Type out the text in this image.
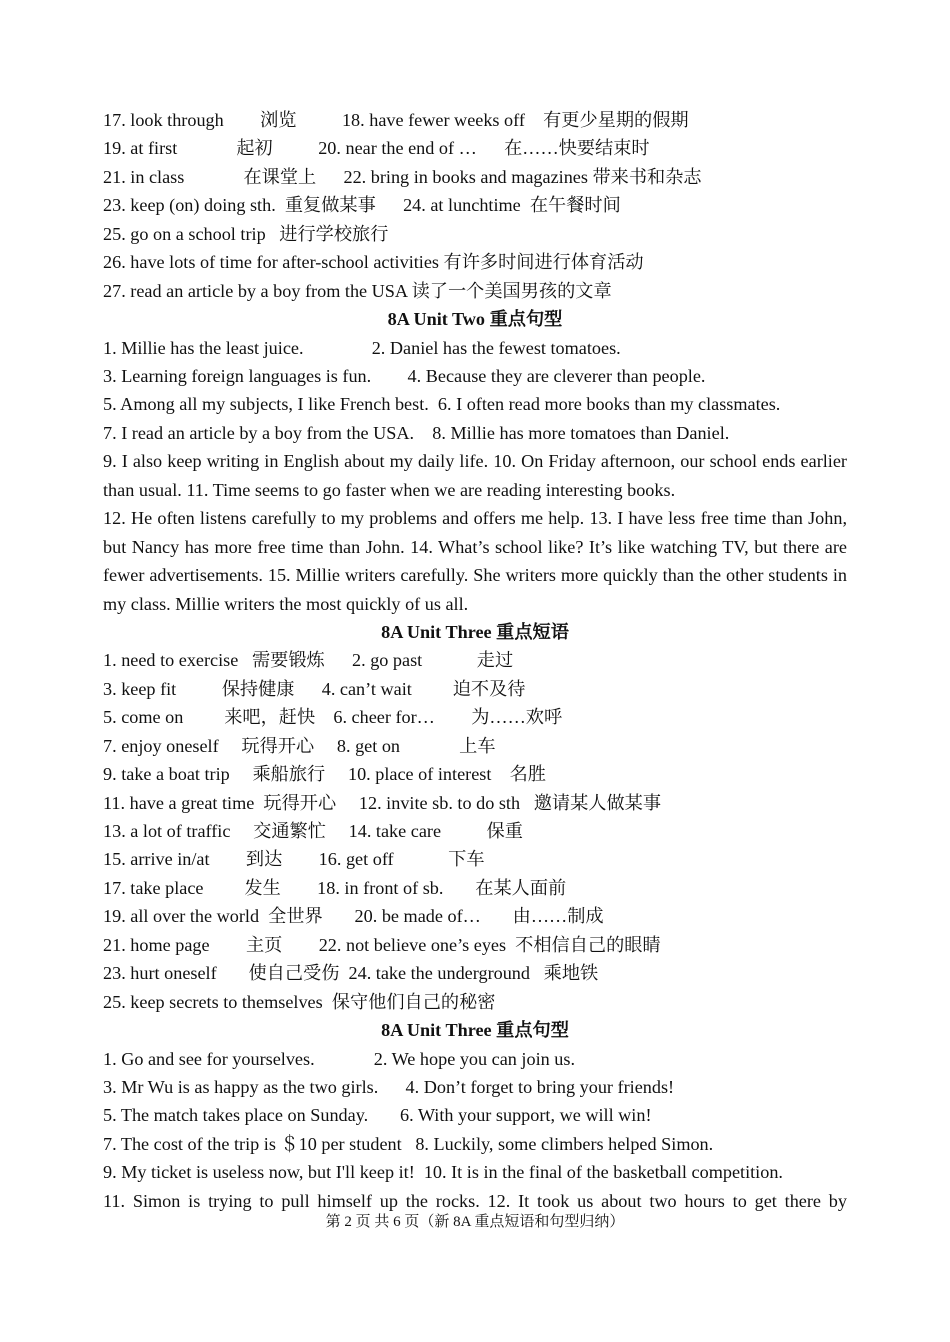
17. look through        浏览          18. have fewer weeks off    有更少星期的假期
19. at first             起初          20. near the end of …      在……快要结束时
21. in class             在课堂上      22. bring in books and magazines 带来书和杂志
23. keep (on) doing sth.  重复做某事      24. at lunchtime  在午餐时间
25. go on a school trip   进行学校旅行
26. have lots of time for after-school activities 有许多时间进行体育活动
27. read an article by a boy from the USA 读了一个美国男孩的文章
8A Unit Two 重点句型
1. Millie has the least juice.               2. Daniel has the fewest tomatoes.
3. Learning foreign languages is fun.        4. Because they are cleverer than people.
5. Among all my subjects, I like French best.  6. I often read more books than my classmates.
7. I read an article by a boy from the USA.    8. Millie has more tomatoes than Daniel.
9. I also keep writing in English about my daily life. 10. On Friday afternoon, our school ends earlier than usual. 11. Time seems to go faster when we are reading interesting books.
12. He often listens carefully to my problems and offers me help. 13. I have less free time than John, but Nancy has more free time than John. 14. What’s school like? It’s like watching TV, but there are fewer advertisements. 15. Millie writers carefully. She writers more quickly than the other students in my class. Millie writers the most quickly of us all.
8A Unit Three 重点短语
1. need to exercise   需要锻炼      2. go past            走过
3. keep fit          保持健康      4. can’t wait         迫不及待
5. come on         来吧，赶快    6. cheer for…        为……欢呼
7. enjoy oneself     玩得开心     8. get on             上车
9. take a boat trip     乘船旅行     10. place of interest    名胜
11. have a great time  玩得开心     12. invite sb. to do sth   邀请某人做某事
13. a lot of traffic     交通繁忙     14. take care          保重
15. arrive in/at        到达        16. get off            下车
17. take place         发生        18. in front of sb.       在某人面前
19. all over the world  全世界       20. be made of…       由……制成
21. home page        主页        22. not believe one’s eyes  不相信自己的眼睛
23. hurt oneself       使自己受伤  24. take the underground   乘地铁
25. keep secrets to themselves  保守他们自己的秘密
8A Unit Three 重点句型
1. Go and see for yourselves.             2. We hope you can join us.
3. Mr Wu is as happy as the two girls.      4. Don’t forget to bring your friends!
5. The match takes place on Sunday.       6. With your support, we will win!
7. The cost of the trip is ＄10 per student   8. Luckily, some climbers helped Simon.
9. My ticket is useless now, but I'll keep it!  10. It is in the final of the basketball competition.
11. Simon is trying to pull himself up the rocks. 12. It took us about two hours to get there by
第 2 页 共 6 页（新 8A 重点短语和句型归纳）
